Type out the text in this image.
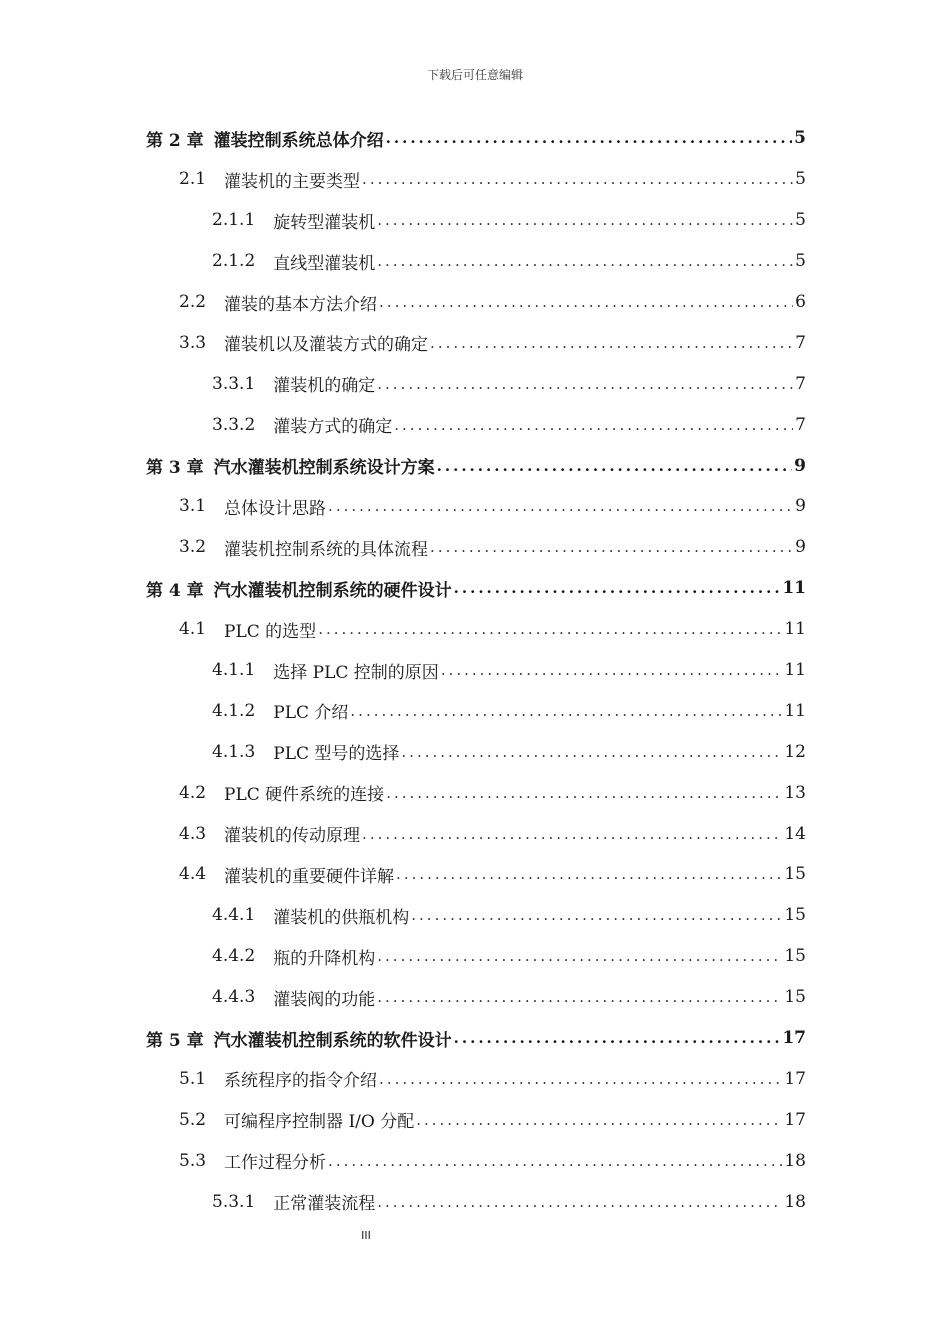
下载后可任意编辑
第 2 章 灌装控制系统总体介绍 .....	5
2.1 灌装机的主要类型 .....	5
2.1.1 旋转型灌装机 .....	5
2.1.2 直线型灌装机 .....	5
2.2 灌装的基本方法介绍 .....	6
3.3 灌装机以及灌装方式的确定 .....	7
3.3.1 灌装机的确定 .....	7
3.3.2 灌装方式的确定 .....	7
第 3 章 汽水灌装机控制系统设计方案 .....	9
3.1 总体设计思路 .....	9
3.2 灌装机控制系统的具体流程 .....	9
第 4 章 汽水灌装机控制系统的硬件设计 .....	11
4.1 PLC 的选型 .....	11
4.1.1 选择 PLC 控制的原因 .....	11
4.1.2 PLC 介绍 .....	11
4.1.3 PLC 型号的选择 .....	12
4.2 PLC 硬件系统的连接 .....	13
4.3 灌装机的传动原理 .....	14
4.4 灌装机的重要硬件详解 .....	15
4.4.1 灌装机的供瓶机构 .....	15
4.4.2 瓶的升降机构 .....	15
4.4.3 灌装阀的功能 .....	15
第 5 章 汽水灌装机控制系统的软件设计 .....	17
5.1 系统程序的指令介绍 .....	17
5.2 可编程序控制器 I/O 分配 .....	17
5.3 工作过程分析 .....	18
5.3.1 正常灌装流程 .....	18
III
